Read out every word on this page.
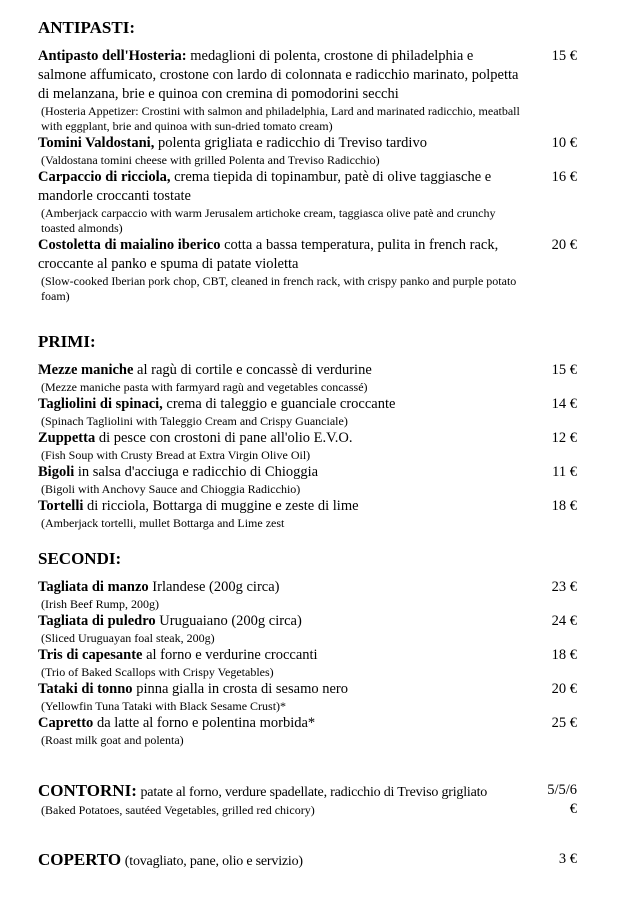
ANTIPASTI:
Antipasto dell'Hosteria: medaglioni di polenta, crostone di philadelphia e salmone affumicato, crostone con lardo di colonnata e radicchio marinato, polpetta di melanzana, brie e quinoa con cremina di pomodorini secchi
(Hosteria Appetizer: Crostini with salmon and philadelphia, Lard and marinated radicchio, meatball with eggplant, brie and quinoa with sun-dried tomato cream)
15 €
Tomini Valdostani, polenta grigliata e radicchio di Treviso tardivo
(Valdostana tomini cheese with grilled Polenta and Treviso Radicchio)
10 €
Carpaccio di ricciola, crema tiepida di topinambur, patè di olive taggiasche e mandorle croccanti tostate
(Amberjack carpaccio with warm Jerusalem artichoke cream, taggiasca olive patè and crunchy toasted almonds)
16 €
Costoletta di maialino iberico cotta a bassa temperatura, pulita in french rack, croccante al panko e spuma di patate violetta
(Slow-cooked Iberian pork chop, CBT, cleaned in french rack, with crispy panko and purple potato foam)
20 €
PRIMI:
Mezze maniche al ragù di cortile e concassè di verdurine
(Mezze maniche pasta with farmyard ragù and vegetables concassé)
15 €
Tagliolini di spinaci, crema di taleggio e guanciale croccante
(Spinach Tagliolini with Taleggio Cream and Crispy Guanciale)
14 €
Zuppetta di pesce con crostoni di pane all'olio E.V.O.
(Fish Soup with Crusty Bread at Extra Virgin Olive Oil)
12 €
Bigoli in salsa d'acciuga e radicchio di Chioggia
(Bigoli with Anchovy Sauce and Chioggia Radicchio)
11 €
Tortelli di ricciola, Bottarga di muggine e zeste di lime
(Amberjack tortelli, mullet Bottarga and Lime zest
18 €
SECONDI:
Tagliata di manzo Irlandese (200g circa)
(Irish Beef Rump, 200g)
23 €
Tagliata di puledro Uruguaiano (200g circa)
(Sliced Uruguayan foal steak, 200g)
24 €
Tris di capesante al forno e verdurine croccanti
(Trio of Baked Scallops with Crispy Vegetables)
18 €
Tataki di tonno pinna gialla in crosta di sesamo nero
(Yellowfin Tuna Tataki with Black Sesame Crust)*
20 €
Capretto da latte al forno e polentina morbida*
(Roast milk goat and polenta)
25 €
CONTORNI: patate al forno, verdure spadellate, radicchio di Treviso grigliato
(Baked Potatoes, sautéed Vegetables, grilled red chicory)
5/5/6 €
COPERTO (tovagliato, pane, olio e servizio)	3 €
